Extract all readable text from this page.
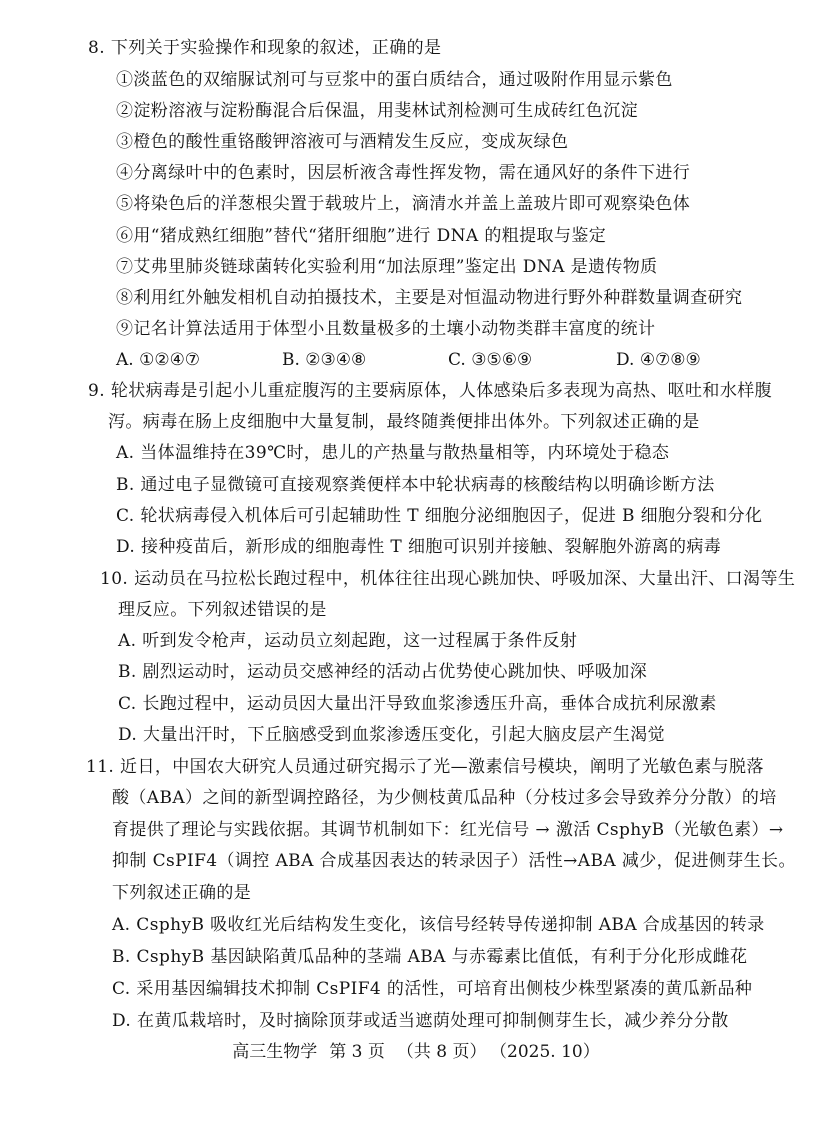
8. 下列关于实验操作和现象的叙述，正确的是
①淡蓝色的双缩脲试剂可与豆浆中的蛋白质结合，通过吸附作用显示紫色
②淀粉溶液与淀粉酶混合后保温，用斐林试剂检测可生成砖红色沉淀
③橙色的酸性重铬酸钾溶液可与酒精发生反应，变成灰绿色
④分离绿叶中的色素时，因层析液含毒性挥发物，需在通风好的条件下进行
⑤将染色后的洋葱根尖置于载玻片上，滴清水并盖上盖玻片即可观察染色体
⑥用“猪成熟红细胞”替代“猪肝细胞”进行 DNA 的粗提取与鉴定
⑦艾弗里肺炎链球菌转化实验利用“加法原理”鉴定出 DNA 是遗传物质
⑧利用红外触发相机自动拍摄技术，主要是对恒温动物进行野外种群数量调查研究
⑨记名计算法适用于体型小且数量极多的土壤小动物类群丰富度的统计
A. ①②④⑦	B. ②③④⑧	C. ③⑤⑥⑨	D. ④⑦⑧⑨
9. 轮状病毒是引起小儿重症腹泻的主要病原体，人体感染后多表现为高热、呕吐和水样腹
泻。病毒在肠上皮细胞中大量复制，最终随粪便排出体外。下列叙述正确的是
A. 当体温维持在39℃时，患儿的产热量与散热量相等，内环境处于稳态
B. 通过电子显微镜可直接观察粪便样本中轮状病毒的核酸结构以明确诊断方法
C. 轮状病毒侵入机体后可引起辅助性 T 细胞分泌细胞因子，促进 B 细胞分裂和分化
D. 接种疫苗后，新形成的细胞毒性 T 细胞可识别并接触、裂解胞外游离的病毒
10. 运动员在马拉松长跑过程中，机体往往出现心跳加快、呼吸加深、大量出汗、口渴等生
理反应。下列叙述错误的是
A. 听到发令枪声，运动员立刻起跑，这一过程属于条件反射
B. 剧烈运动时，运动员交感神经的活动占优势使心跳加快、呼吸加深
C. 长跑过程中，运动员因大量出汗导致血浆渗透压升高，垂体合成抗利尿激素
D. 大量出汗时，下丘脑感受到血浆渗透压变化，引起大脑皮层产生渴觉
11. 近日，中国农大研究人员通过研究揭示了光—激素信号模块，阐明了光敏色素与脱落
酸（ABA）之间的新型调控路径，为少侧枝黄瓜品种（分枝过多会导致养分分散）的培
育提供了理论与实践依据。其调节机制如下：红光信号 → 激活 CsphyB（光敏色素）→
抑制 CsPIF4（调控 ABA 合成基因表达的转录因子）活性→ABA 减少，促进侧芽生长。
下列叙述正确的是
A. CsphyB 吸收红光后结构发生变化，该信号经转导传递抑制 ABA 合成基因的转录
B. CsphyB 基因缺陷黄瓜品种的茎端 ABA 与赤霉素比值低，有利于分化形成雌花
C. 采用基因编辑技术抑制 CsPIF4 的活性，可培育出侧枝少株型紧凑的黄瓜新品种
D. 在黄瓜栽培时，及时摘除顶芽或适当遮荫处理可抑制侧芽生长，减少养分分散
高三生物学 第 3 页 （共 8 页） （2025. 10）
